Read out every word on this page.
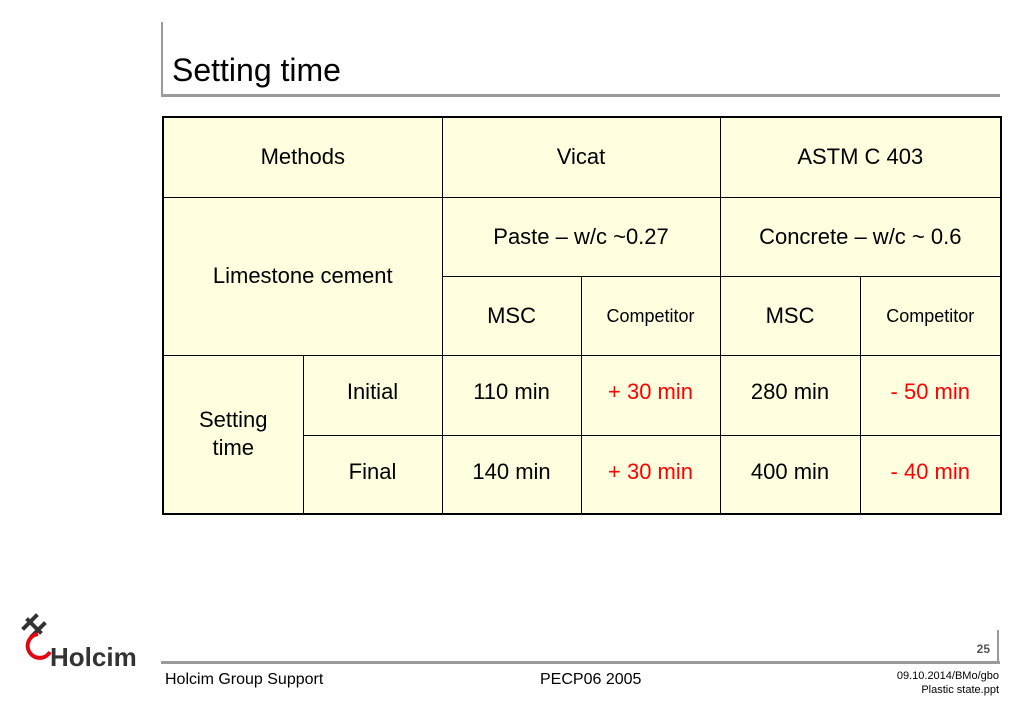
Setting time
Methods		Vicat		ASTM C 403	
Limestone cement		Paste – w/c ~0.27		Concrete – w/c ~ 0.6	
		MSC	Competitor	MSC	Competitor
Setting
time	Initial	110 min	+ 30 min	280 min	- 50 min
	Final	140 min	+ 30 min	400 min	- 40 min
Holcim	25
Holcim Group Support	PECP06 2005	09.10.2014/BMo/gbo
Plastic state.ppt
